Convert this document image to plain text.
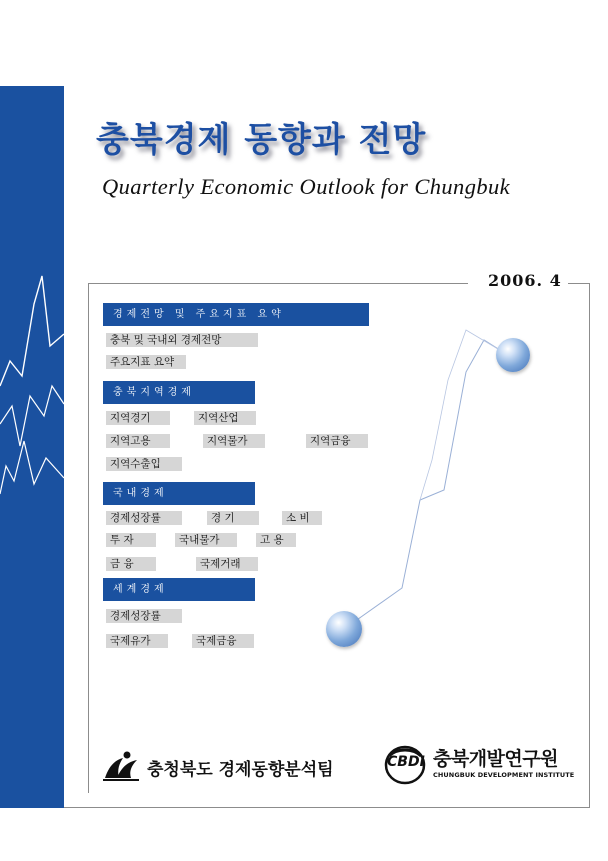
충북경제 동향과 전망
Quarterly Economic Outlook for Chungbuk
2006. 4
경제전망 및 주요지표 요약
충북 및 국내외 경제전망
주요지표 요약
충북지역경제
지역경기	지역산업
지역고용	지역물가	지역금융
지역수출입
국내경제
경제성장률	경 기	소 비
투 자	국내물가	고 용
금 융	국제거래
세계경제
경제성장률
국제유가	국제금융
충청북도 경제동향분석팀	CBDI 충북개발연구원
CHUNGBUK DEVELOPMENT INSTITUTE
